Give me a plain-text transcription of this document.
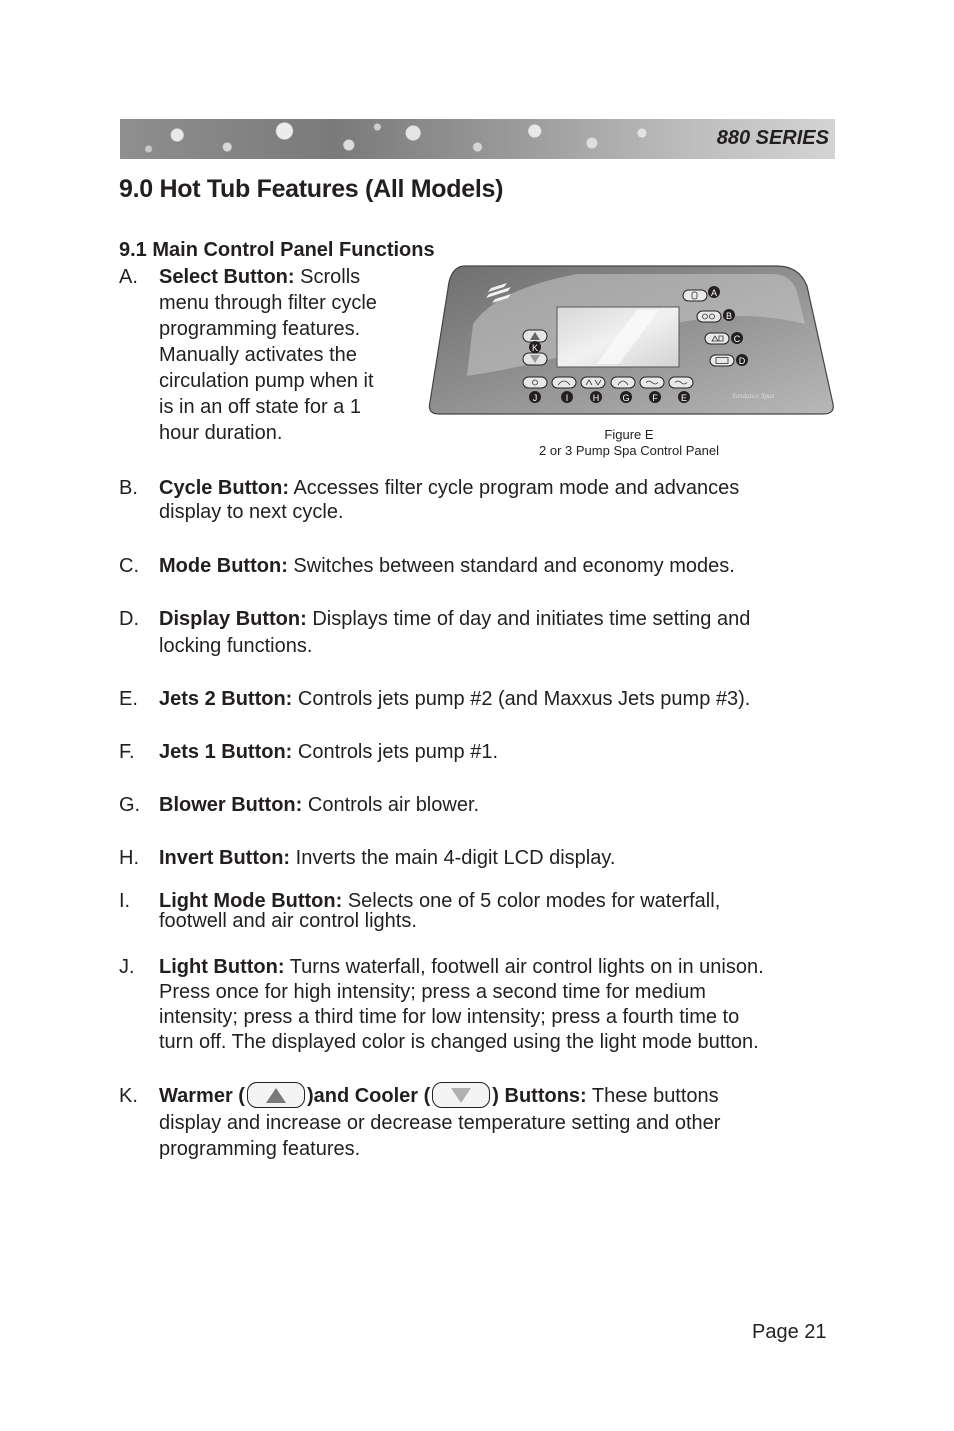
880 SERIES
9.0 Hot Tub Features (All Models)
9.1 Main Control Panel Functions
A. Select Button: Scrolls
menu through filter cycle
programming features.
Manually activates the
circulation pump when it
is in an off state for a 1
hour duration.
K
A
B
C
D
J	I	H	G	F	E	Sundance Spas
Figure E
2 or 3 Pump Spa Control Panel
B. Cycle Button: Accesses filter cycle program mode and advances
display to next cycle.
C. Mode Button: Switches between standard and economy modes.
D. Display Button: Displays time of day and initiates time setting and
locking functions.
E. Jets 2 Button: Controls jets pump #2 (and Maxxus Jets pump #3).
F. Jets 1 Button: Controls jets pump #1.
G. Blower Button: Controls air blower.
H. Invert Button: Inverts the main 4-digit LCD display.
I. Light Mode Button: Selects one of 5 color modes for waterfall,
footwell and air control lights.
J. Light Button: Turns waterfall, footwell air control lights on in unison.
Press once for high intensity; press a second time for medium
intensity; press a third time for low intensity; press a fourth time to
turn off. The displayed color is changed using the light mode button.
K. Warmer (	)and Cooler (	) Buttons: These buttons
display and increase or decrease temperature setting and other
programming features.
Page 21
